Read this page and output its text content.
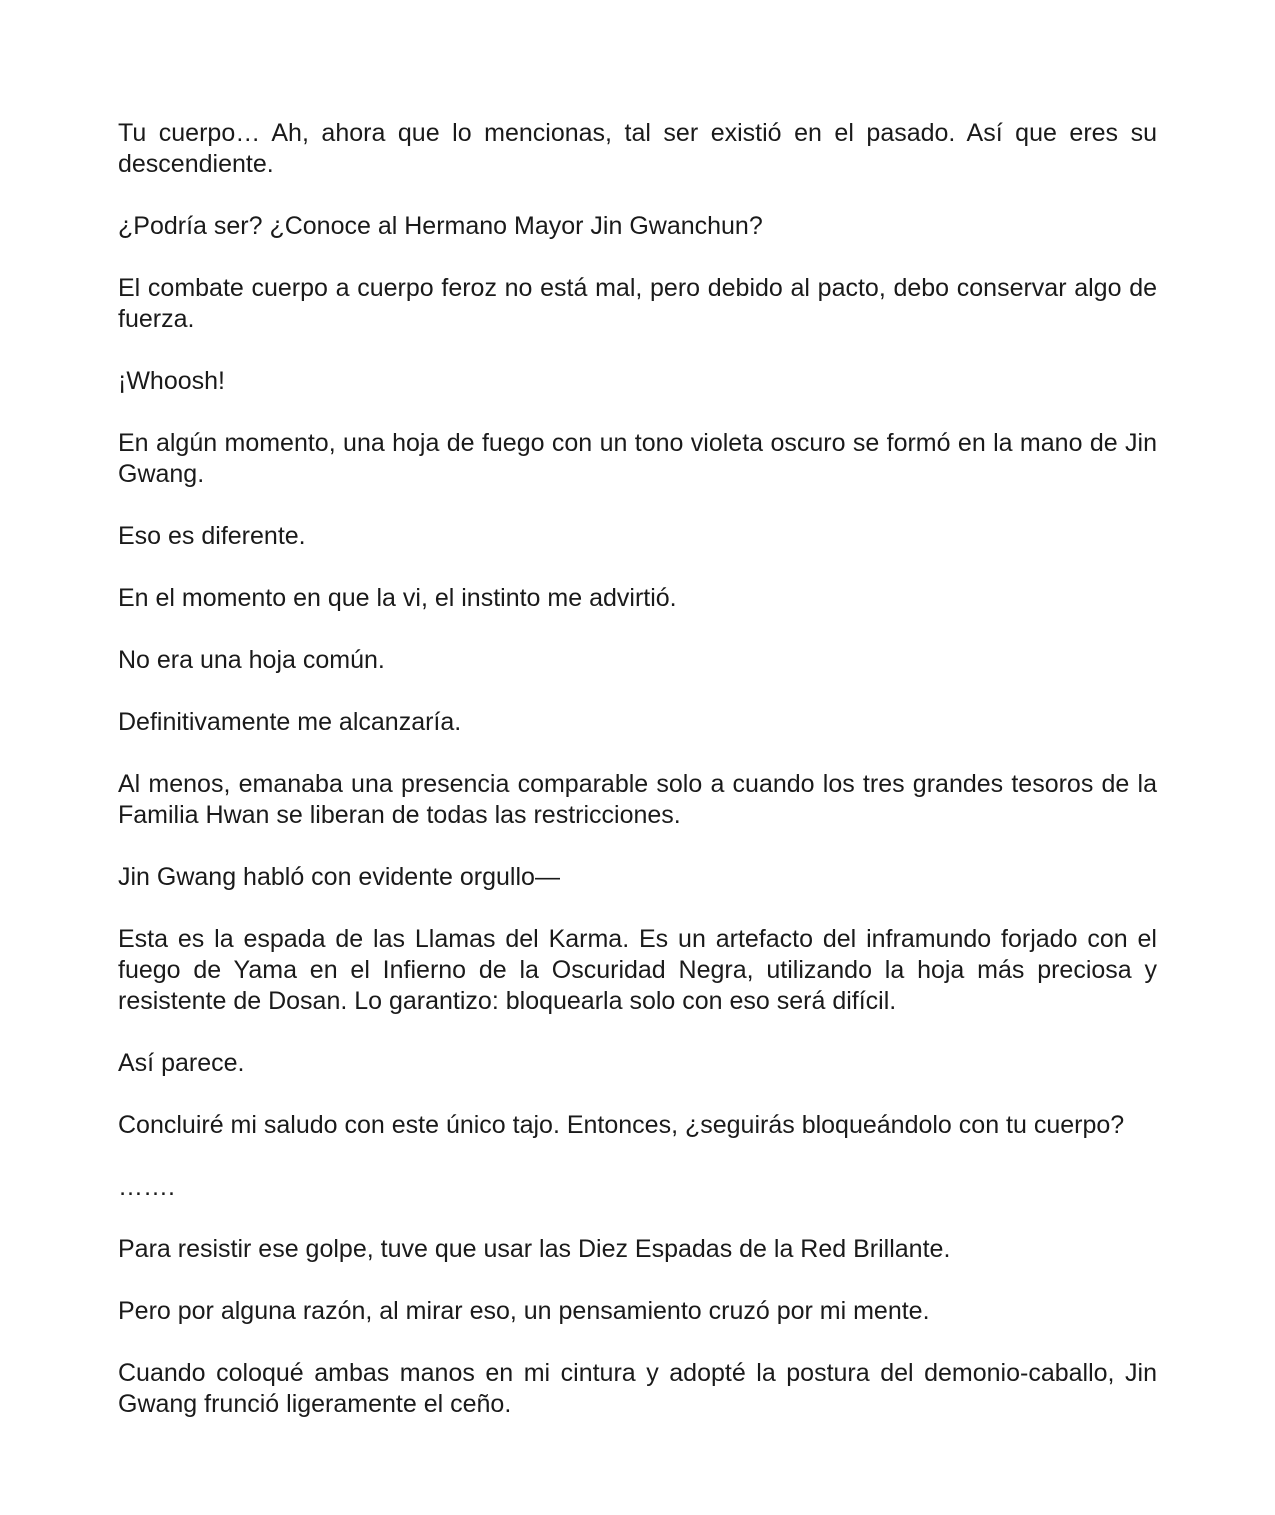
Tu cuerpo… Ah, ahora que lo mencionas, tal ser existió en el pasado. Así que eres su descendiente.

¿Podría ser? ¿Conoce al Hermano Mayor Jin Gwanchun?

El combate cuerpo a cuerpo feroz no está mal, pero debido al pacto, debo conservar algo de fuerza.

¡Whoosh!

En algún momento, una hoja de fuego con un tono violeta oscuro se formó en la mano de Jin Gwang.

Eso es diferente.

En el momento en que la vi, el instinto me advirtió.

No era una hoja común.

Definitivamente me alcanzaría.

Al menos, emanaba una presencia comparable solo a cuando los tres grandes tesoros de la Familia Hwan se liberan de todas las restricciones.

Jin Gwang habló con evidente orgullo—

Esta es la espada de las Llamas del Karma. Es un artefacto del inframundo forjado con el fuego de Yama en el Infierno de la Oscuridad Negra, utilizando la hoja más preciosa y resistente de Dosan. Lo garantizo: bloquearla solo con eso será difícil.

Así parece.

Concluiré mi saludo con este único tajo. Entonces, ¿seguirás bloqueándolo con tu cuerpo?

…….

Para resistir ese golpe, tuve que usar las Diez Espadas de la Red Brillante.

Pero por alguna razón, al mirar eso, un pensamiento cruzó por mi mente.

Cuando coloqué ambas manos en mi cintura y adopté la postura del demonio-caballo, Jin Gwang frunció ligeramente el ceño.
